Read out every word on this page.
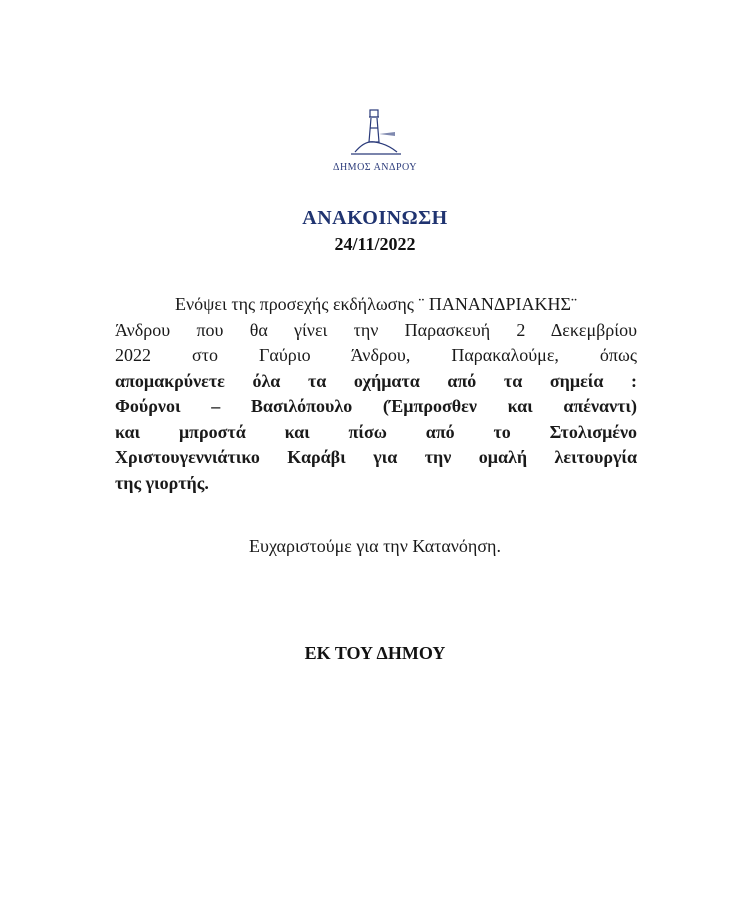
ΔΗΜΟΣ ΑΝΔΡΟΥ
ΑΝΑΚΟΙΝΩΣΗ
24/11/2022
Ενόψει της προσεχής εκδήλωσης ¨ ΠΑΝΑΝΔΡΙΑΚΗΣ¨
Άνδρου που θα γίνει την Παρασκευή 2 Δεκεμβρίου
2022 στο Γαύριο Άνδρου, Παρακαλούμε, όπως
απομακρύνετε όλα τα οχήματα από τα σημεία :
Φούρνοι – Βασιλόπουλο (Έμπροσθεν και απέναντι)
και μπροστά και πίσω από το Στολισμένο
Χριστουγεννιάτικο Καράβι για την ομαλή λειτουργία
της γιορτής.
Ευχαριστούμε για την Κατανόηση.
ΕΚ ΤΟΥ ΔΗΜΟΥ
